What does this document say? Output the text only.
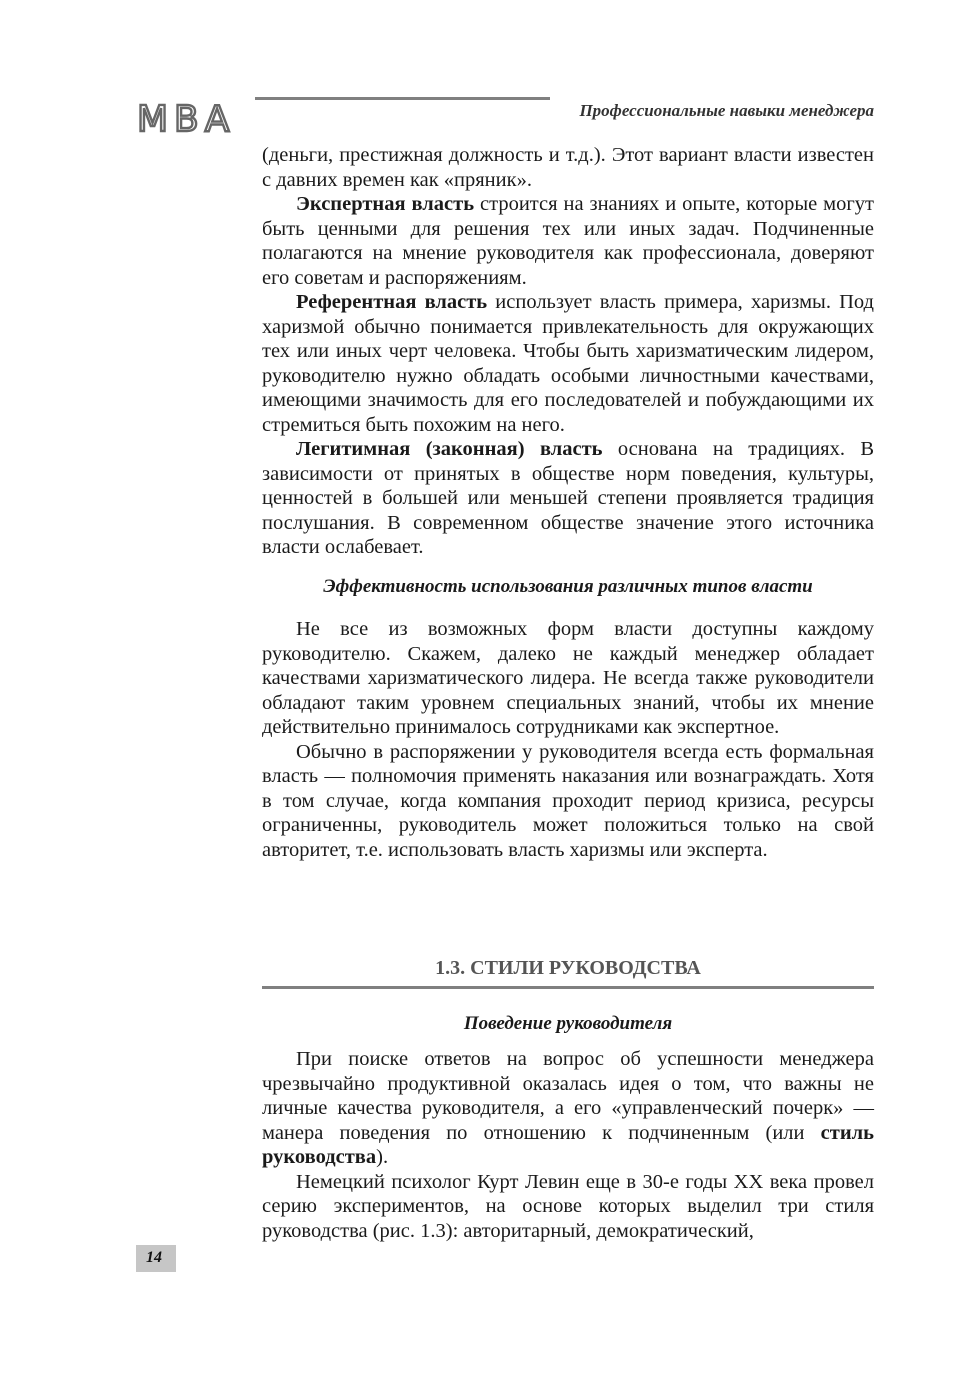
MBA	Профессиональные навыки менеджера

(деньги, престижная должность и т.д.). Этот вариант власти известен с давних времен как «пряник».

Экспертная власть строится на знаниях и опыте, которые могут быть ценными для решения тех или иных задач. Подчиненные полагаются на мнение руководителя как профессионала, доверяют его советам и распоряжениям.

Референтная власть использует власть примера, харизмы. Под харизмой обычно понимается привлекательность для окружающих тех или иных черт человека. Чтобы быть харизматическим лидером, руководителю нужно обладать особыми личностными качествами, имеющими значимость для его последователей и побуждающими их стремиться быть похожим на него.

Легитимная (законная) власть основана на традициях. В зависимости от принятых в обществе норм поведения, культуры, ценностей в большей или меньшей степени проявляется традиция послушания. В современном обществе значение этого источника власти ослабевает.

Эффективность использования различных типов власти

Не все из возможных форм власти доступны каждому руководителю. Скажем, далеко не каждый менеджер обладает качествами харизматического лидера. Не всегда также руководители обладают таким уровнем специальных знаний, чтобы их мнение действительно принималось сотрудниками как экспертное.

Обычно в распоряжении у руководителя всегда есть формальная власть — полномочия применять наказания или вознаграждать. Хотя в том случае, когда компания проходит период кризиса, ресурсы ограниченны, руководитель может положиться только на свой авторитет, т.е. использовать власть харизмы или эксперта.

1.3. СТИЛИ РУКОВОДСТВА
Поведение руководителя

При поиске ответов на вопрос об успешности менеджера чрезвычайно продуктивной оказалась идея о том, что важны не личные качества руководителя, а его «управленческий почерк» — манера поведения по отношению к подчиненным (или стиль руководства).

Немецкий психолог Курт Левин еще в 30-е годы XX века провел серию экспериментов, на основе которых выделил три стиля руководства (рис. 1.3): авторитарный, демократический,

14
